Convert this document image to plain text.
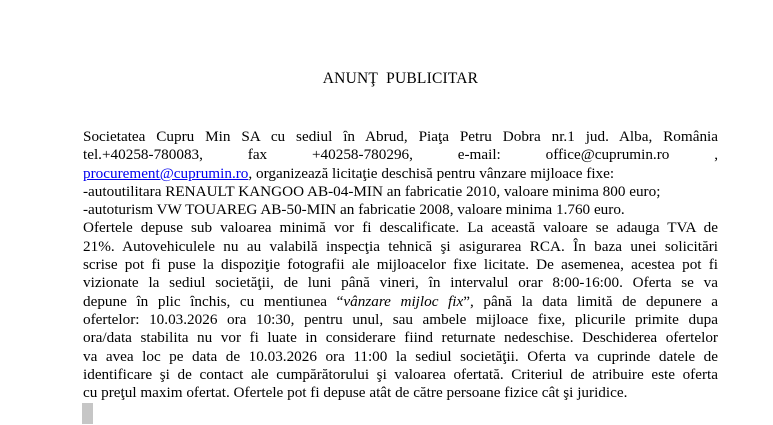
ANUNŢ  PUBLICITAR
Societatea Cupru Min SA cu sediul în Abrud, Piaţa Petru Dobra nr.1 jud. Alba, România
tel.+40258-780083, fax +40258-780296, e-mail: office@cuprumin.ro ,
procurement@cuprumin.ro, organizează licitaţie deschisă pentru vânzare mijloace fixe:
-autoutilitara RENAULT KANGOO AB-04-MIN an fabricatie 2010, valoare minima 800 euro;
-autoturism VW TOUAREG AB-50-MIN an fabricatie 2008, valoare minima 1.760 euro.
Ofertele depuse sub valoarea minimă vor fi descalificate. La această valoare se adauga TVA de
21%. Autovehiculele nu au valabilă inspecţia tehnică şi asigurarea RCA. În baza unei solicitări
scrise pot fi puse la dispoziţie fotografii ale mijloacelor fixe licitate. De asemenea, acestea pot fi
vizionate la sediul societăţii, de luni până vineri, în intervalul orar 8:00-16:00. Oferta se va
depune în plic închis, cu mentiunea “vânzare mijloc fix”, până la data limită de depunere a
ofertelor: 10.03.2026 ora 10:30, pentru unul, sau ambele mijloace fixe, plicurile primite dupa
ora/data stabilita nu vor fi luate in considerare fiind returnate nedeschise. Deschiderea ofertelor
va avea loc pe data de 10.03.2026 ora 11:00 la sediul societăţii. Oferta va cuprinde datele de
identificare şi de contact ale cumpărătorului şi valoarea ofertată. Criteriul de atribuire este oferta
cu preţul maxim ofertat. Ofertele pot fi depuse atât de către persoane fizice cât şi juridice.
